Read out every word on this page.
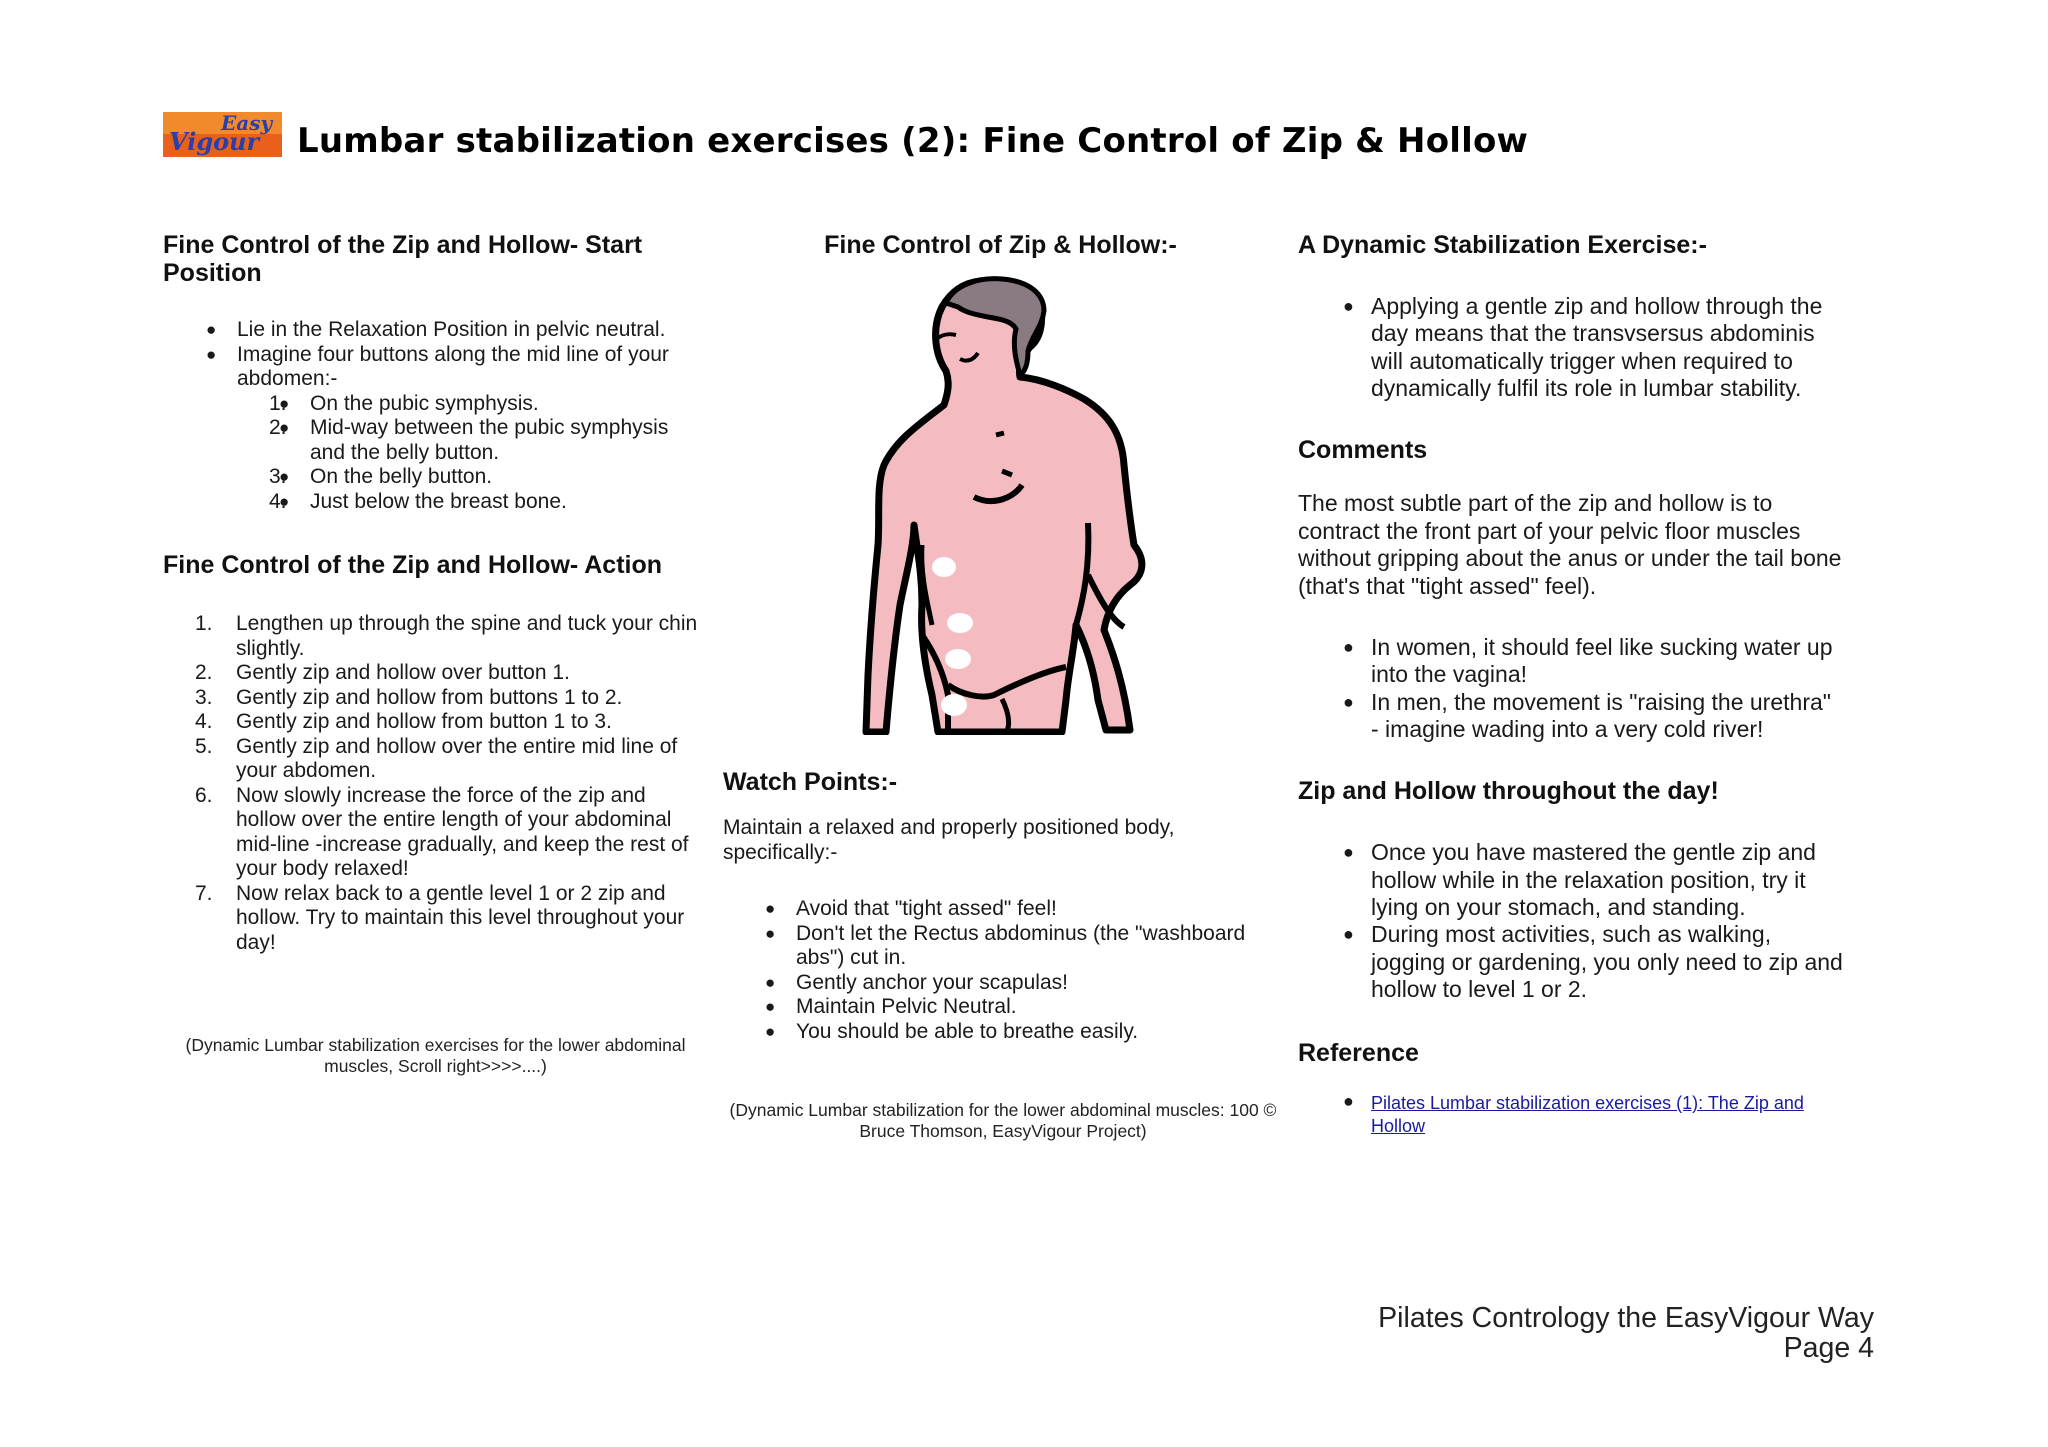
Easy
Vigour Lumbar stabilization exercises (2): Fine Control of Zip & Hollow
Fine Control of the Zip and Hollow- Start Position
● Lie in the Relaxation Position in pelvic neutral.
● Imagine four buttons along the mid line of your abdomen:-
● 1. On the pubic symphysis.
● 2. Mid-way between the pubic symphysis and the belly button.
● 3. On the belly button.
● 4. Just below the breast bone.
Fine Control of the Zip and Hollow- Action
1. Lengthen up through the spine and tuck your chin slightly.
2. Gently zip and hollow over button 1.
3. Gently zip and hollow from buttons 1 to 2.
4. Gently zip and hollow from button 1 to 3.
5. Gently zip and hollow over the entire mid line of your abdomen.
6. Now slowly increase the force of the zip and hollow over the entire length of your abdominal mid-line -increase gradually, and keep the rest of your body relaxed!
7. Now relax back to a gentle level 1 or 2 zip and hollow. Try to maintain this level throughout your day!

(Dynamic Lumbar stabilization exercises for the lower abdominal muscles, Scroll right>>>>....)

Fine Control of Zip & Hollow:-
Watch Points:-

Maintain a relaxed and properly positioned body, specifically:-

● Avoid that "tight assed" feel!
● Don't let the Rectus abdominus (the "washboard abs") cut in.
● Gently anchor your scapulas!
● Maintain Pelvic Neutral.
● You should be able to breathe easily.

(Dynamic Lumbar stabilization for the lower abdominal muscles: 100 © Bruce Thomson, EasyVigour Project)

A Dynamic Stabilization Exercise:-
● Applying a gentle zip and hollow through the day means that the transvsersus abdominis will automatically trigger when required to dynamically fulfil its role in lumbar stability.
Comments

The most subtle part of the zip and hollow is to contract the front part of your pelvic floor muscles without gripping about the anus or under the tail bone (that's that "tight assed" feel).

● In women, it should feel like sucking water up into the vagina!
● In men, the movement is "raising the urethra" - imagine wading into a very cold river!
Zip and Hollow throughout the day!
● Once you have mastered the gentle zip and hollow while in the relaxation position, try it lying on your stomach, and standing.
● During most activities, such as walking, jogging or gardening, you only need to zip and hollow to level 1 or 2.
Reference
● Pilates Lumbar stabilization exercises (1): The Zip and Hollow
Pilates Contrology the EasyVigour Way
Page 4
